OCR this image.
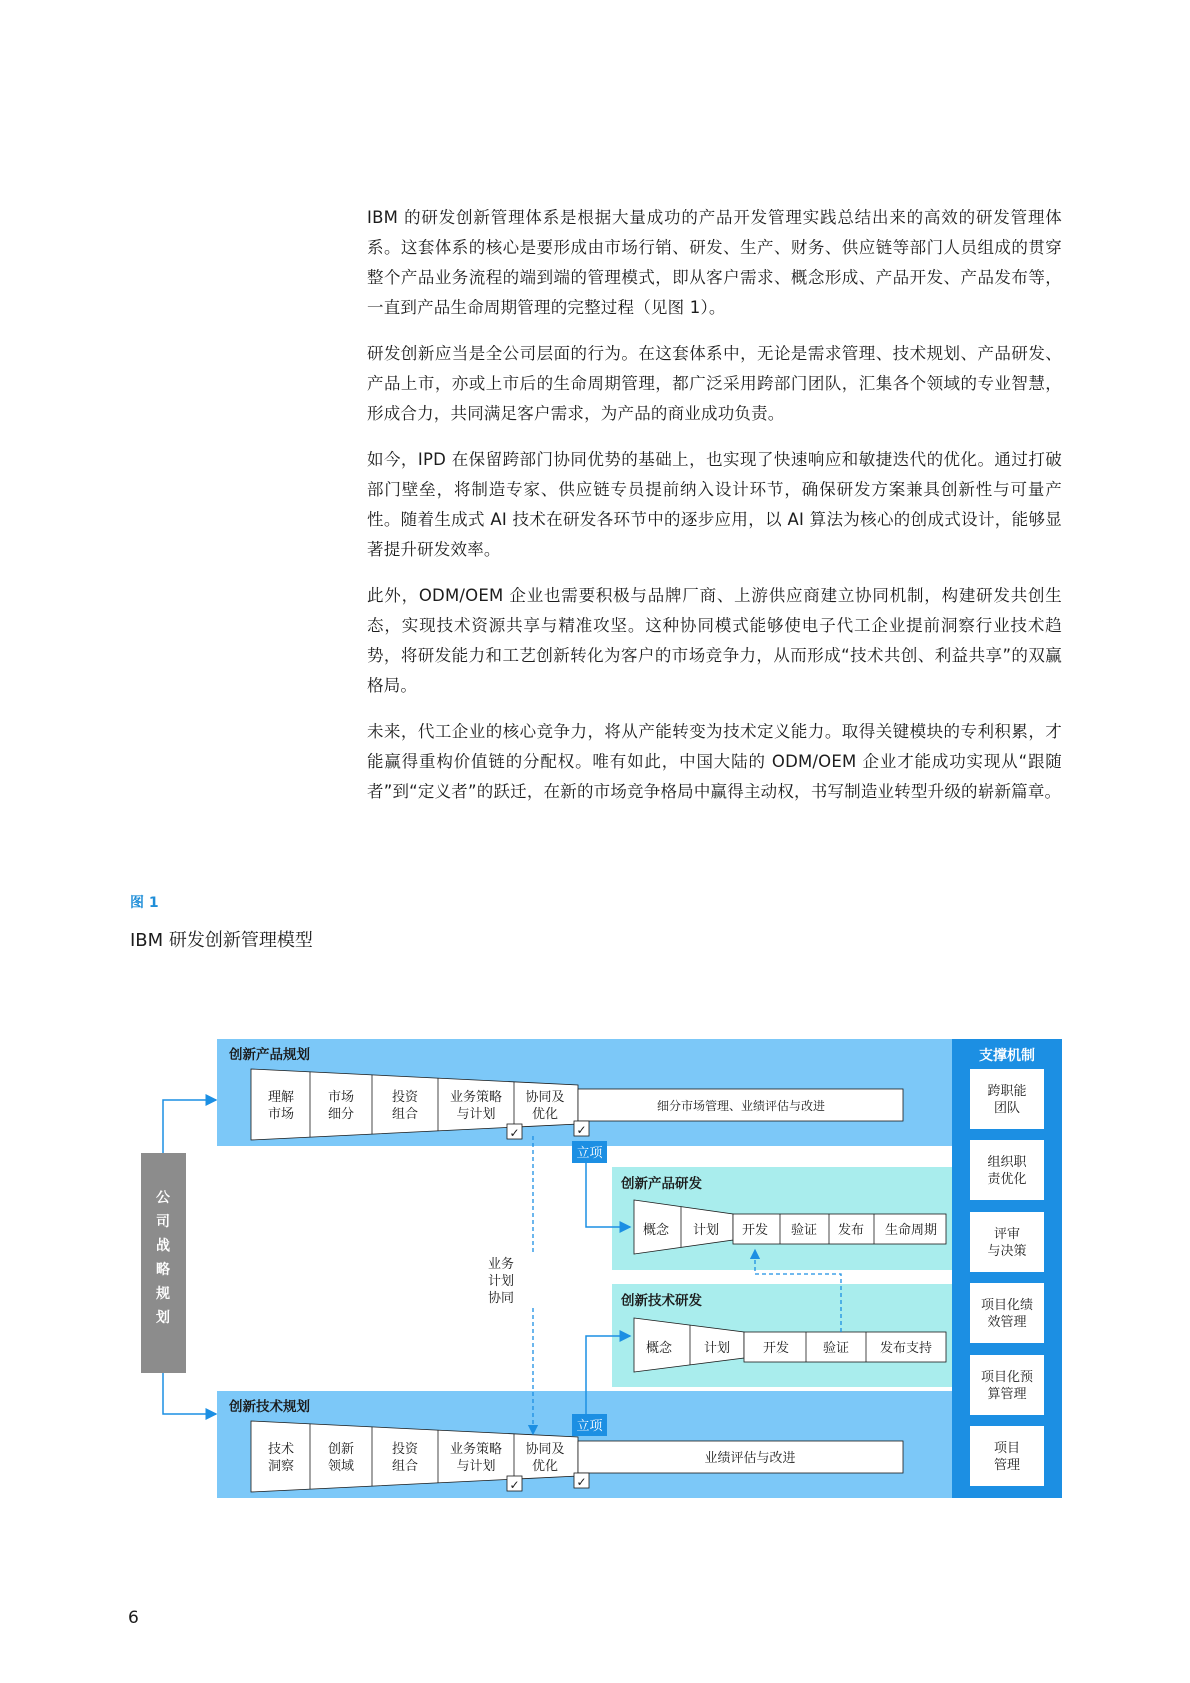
IBM 的研发创新管理体系是根据大量成功的产品开发管理实践总结出来的高效的研发管理体系。这套体系的核心是要形成由市场行销、研发、生产、财务、供应链等部门人员组成的贯穿整个产品业务流程的端到端的管理模式，即从客户需求、概念形成、产品开发、产品发布等，一直到产品生命周期管理的完整过程（见图 1）。

研发创新应当是全公司层面的行为。在这套体系中，无论是需求管理、技术规划、产品研发、产品上市，亦或上市后的生命周期管理，都广泛采用跨部门团队，汇集各个领域的专业智慧，形成合力，共同满足客户需求，为产品的商业成功负责。

如今，IPD 在保留跨部门协同优势的基础上，也实现了快速响应和敏捷迭代的优化。通过打破部门壁垒，将制造专家、供应链专员提前纳入设计环节，确保研发方案兼具创新性与可量产性。随着生成式 AI 技术在研发各环节中的逐步应用，以 AI 算法为核心的创成式设计，能够显著提升研发效率。

此外，ODM/OEM 企业也需要积极与品牌厂商、上游供应商建立协同机制，构建研发共创生态，实现技术资源共享与精准攻坚。这种协同模式能够使电子代工企业提前洞察行业技术趋势，将研发能力和工艺创新转化为客户的市场竞争力，从而形成“技术共创、利益共享”的双赢格局。

未来，代工企业的核心竞争力，将从产能转变为技术定义能力。取得关键模块的专利积累，才能赢得重构价值链的分配权。唯有如此，中国大陆的 ODM/OEM 企业才能成功实现从“跟随者”到“定义者”的跃迁，在新的市场竞争格局中赢得主动权，书写制造业转型升级的崭新篇章。

图 1
IBM 研发创新管理模型
公
司
战
略
规
划
创新产品规划
理解
市场
市场
细分
投资
组合
业务策略
与计划
协同及
优化
细分市场管理、业绩评估与改进
✓	✓
立项
创新产品研发
概念 计划 开发 验证 发布 生命周期
创新技术研发
概念 计划	开发	验证 发布支持
创新技术规划
技术
洞察
创新
领域
投资
组合
业务策略
与计划
协同及
优化
业绩评估与改进
✓	✓
立项
业务
计划
协同
支撑机制
跨职能
团队
组织职
责优化
评审
与决策
项目化绩
效管理
项目化预
算管理
项目
管理
6
